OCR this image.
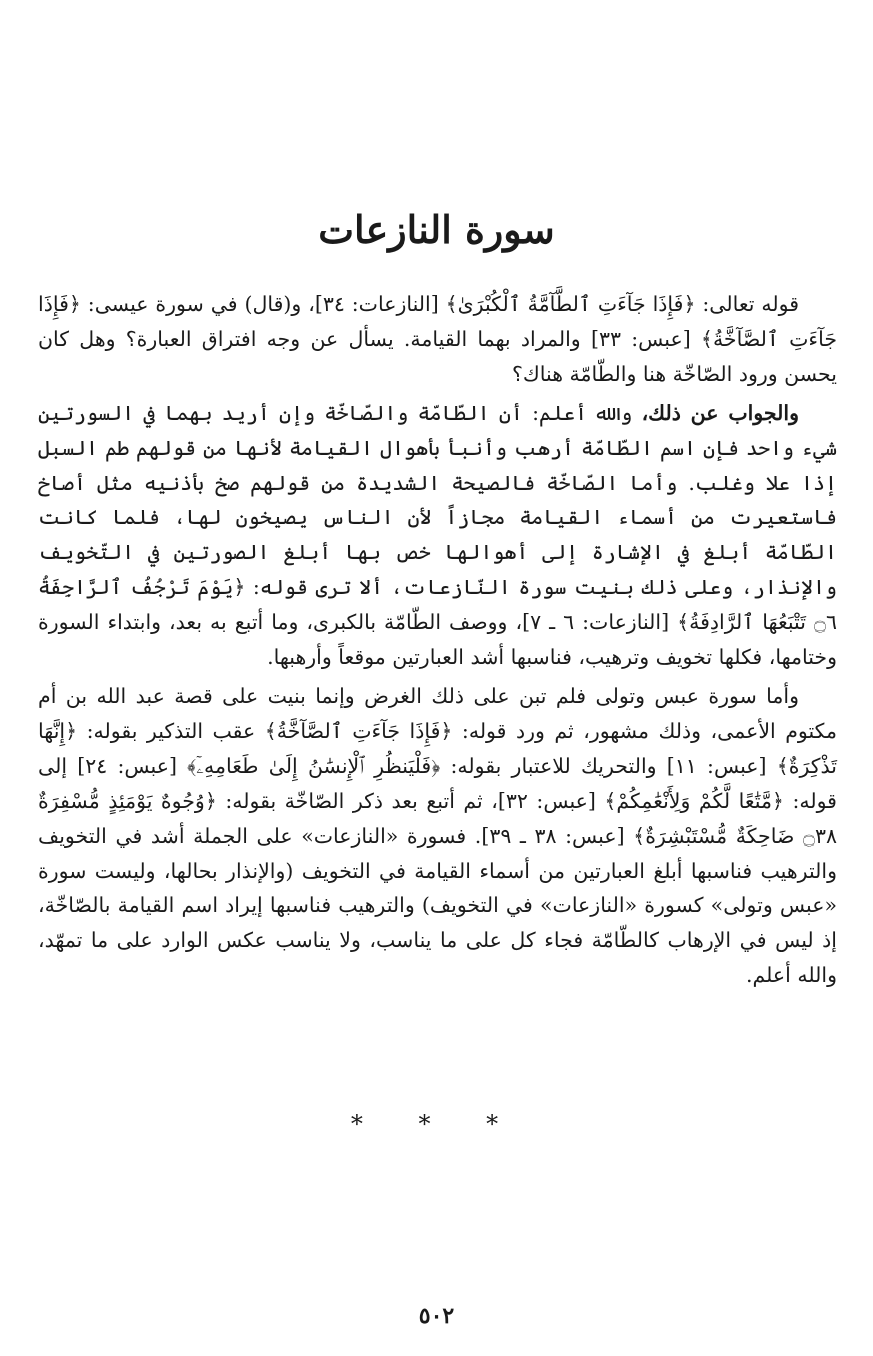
سورة النازعات

قوله تعالى: ﴿فَإِذَا جَآءَتِ ٱلطَّآمَّةُ ٱلْكُبْرَىٰ﴾ [النازعات: ٣٤]، و(قال) في سورة عيسى: ﴿فَإِذَا جَآءَتِ ٱلصَّآخَّةُ﴾ [عبس: ٣٣] والمراد بهما القيامة. يسأل عن وجه افتراق العبارة؟ وهل كان يحسن ورود الصّاخّة هنا والطّامّة هناك؟

والجواب عن ذلك، والله أعلم: أن الطّامّة والصّاخّة وإن أريد بهما في السورتين شيء واحد فإن اسم الطّامّة أرهب وأنبأ بأهوال القيامة لأنها من قولهم طم السبل إذا علا وغلب. وأما الصّاخّة فالصيحة الشديدة من قولهم صخ بأذنيه مثل أصاخ فاستعيرت من أسماء القيامة مجازاً لأن الناس يصيخون لها، فلما كانت الطّامّة أبلغ في الإشارة إلى أهوالها خص بها أبلغ الصورتين في التّخويف والإنذار، وعلى ذلك بنيت سورة النّازعات، ألا ترى قوله: ﴿يَوْمَ تَرْجُفُ ٱلرَّاجِفَةُ ۝٦ تَتْبَعُهَا ٱلرَّادِفَةُ﴾ [النازعات: ٦ ـ ٧]، ووصف الطّامّة بالكبرى، وما أتبع به بعد، وابتداء السورة وختامها، فكلها تخويف وترهيب، فناسبها أشد العبارتين موقعاً وأرهبها.

وأما سورة عبس وتولى فلم تبن على ذلك الغرض وإنما بنيت على قصة عبد الله بن أم مكتوم الأعمى، وذلك مشهور، ثم ورد قوله: ﴿فَإِذَا جَآءَتِ ٱلصَّآخَّةُ﴾ عقب التذكير بقوله: ﴿إِنَّهَا تَذْكِرَةٌ﴾ [عبس: ١١] والتحريك للاعتبار بقوله: ﴿فَلْيَنظُرِ ٱلْإِنسَٰنُ إِلَىٰ طَعَامِهِۦٓ﴾ [عبس: ٢٤] إلى قوله: ﴿مَّتَٰعًا لَّكُمْ وَلِأَنْعَٰمِكُمْ﴾ [عبس: ٣٢]، ثم أتبع بعد ذكر الصّاخّة بقوله: ﴿وُجُوهٌ يَوْمَئِذٍ مُّسْفِرَةٌ ۝٣٨ ضَاحِكَةٌ مُّسْتَبْشِرَةٌ﴾ [عبس: ٣٨ ـ ٣٩]. فسورة «النازعات» على الجملة أشد في التخويف والترهيب فناسبها أبلغ العبارتين من أسماء القيامة في التخويف (والإنذار بحالها، وليست سورة «عبس وتولى» كسورة «النازعات» في التخويف) والترهيب فناسبها إيراد اسم القيامة بالصّاخّة، إذ ليس في الإرهاب كالطّامّة فجاء كل على ما يناسب، ولا يناسب عكس الوارد على ما تمهّد، والله أعلم.

* * *
٥٠٢
